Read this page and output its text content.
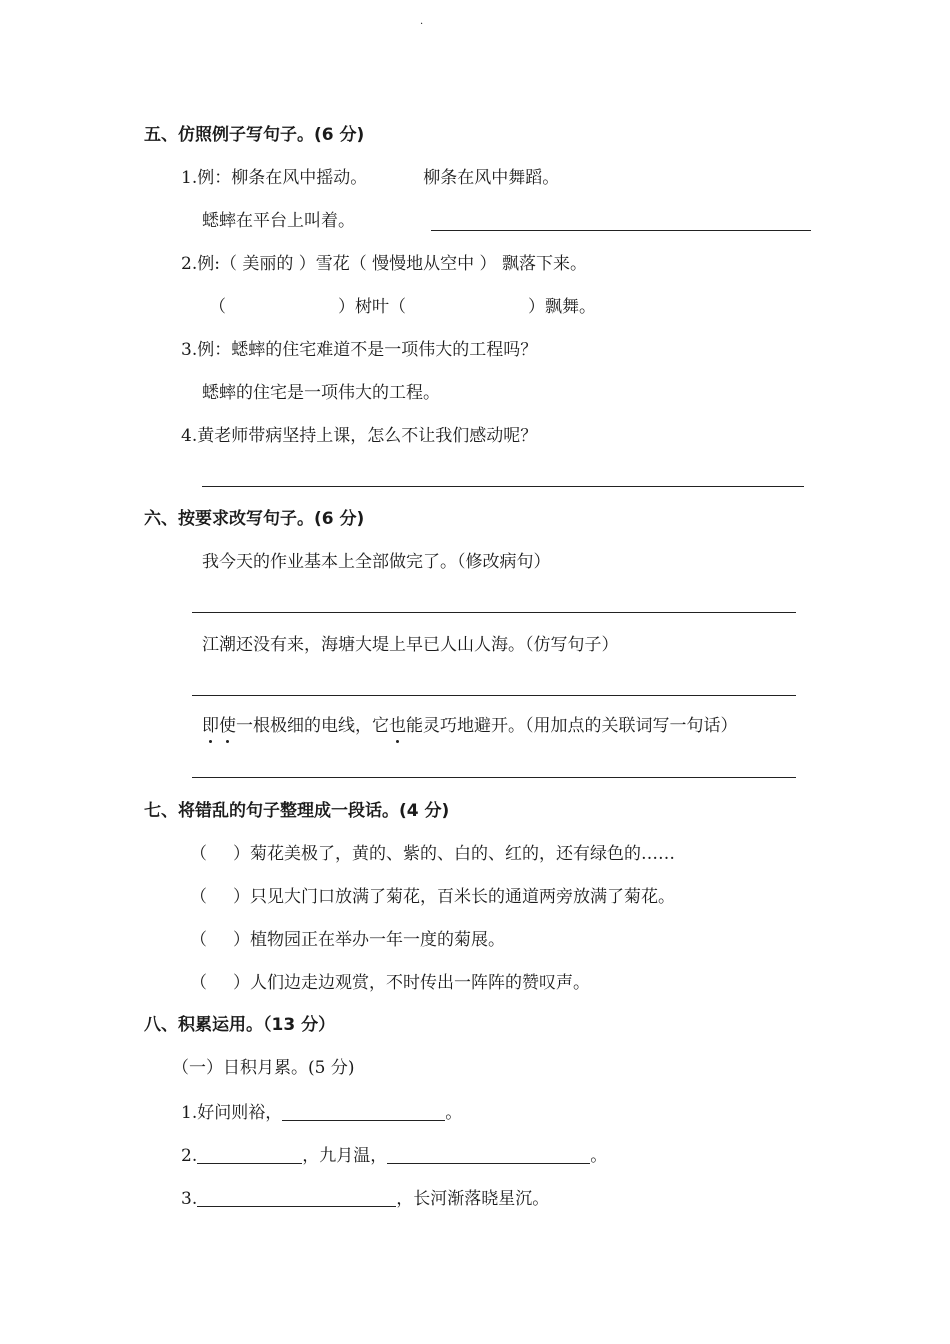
.
五、仿照例子写句子。(6 分)
1.例：柳条在风中摇动。	柳条在风中舞蹈。
蟋蟀在平台上叫着。
2.例:（ 美丽的 ）雪花（ 慢慢地从空中 ） 飘落下来。
（	）树叶（	）飘舞。
3.例：蟋蟀的住宅难道不是一项伟大的工程吗？
蟋蟀的住宅是一项伟大的工程。
4.黄老师带病坚持上课，怎么不让我们感动呢？
六、按要求改写句子。(6 分)
我今天的作业基本上全部做完了。（修改病句）
江潮还没有来，海塘大堤上早已人山人海。（仿写句子）
即使一根极细的电线，它也能灵巧地避开。（用加点的关联词写一句话）
七、将错乱的句子整理成一段话。(4 分)
（ ）菊花美极了，黄的、紫的、白的、红的，还有绿色的……
（ ）只见大门口放满了菊花，百米长的通道两旁放满了菊花。
（ ）植物园正在举办一年一度的菊展。
（ ）人们边走边观赏，不时传出一阵阵的赞叹声。
八、积累运用。（13 分）
（一）日积月累。(5 分)
1.好问则裕，	。
2.	，九月温，	。
3.	，长河渐落晓星沉。
